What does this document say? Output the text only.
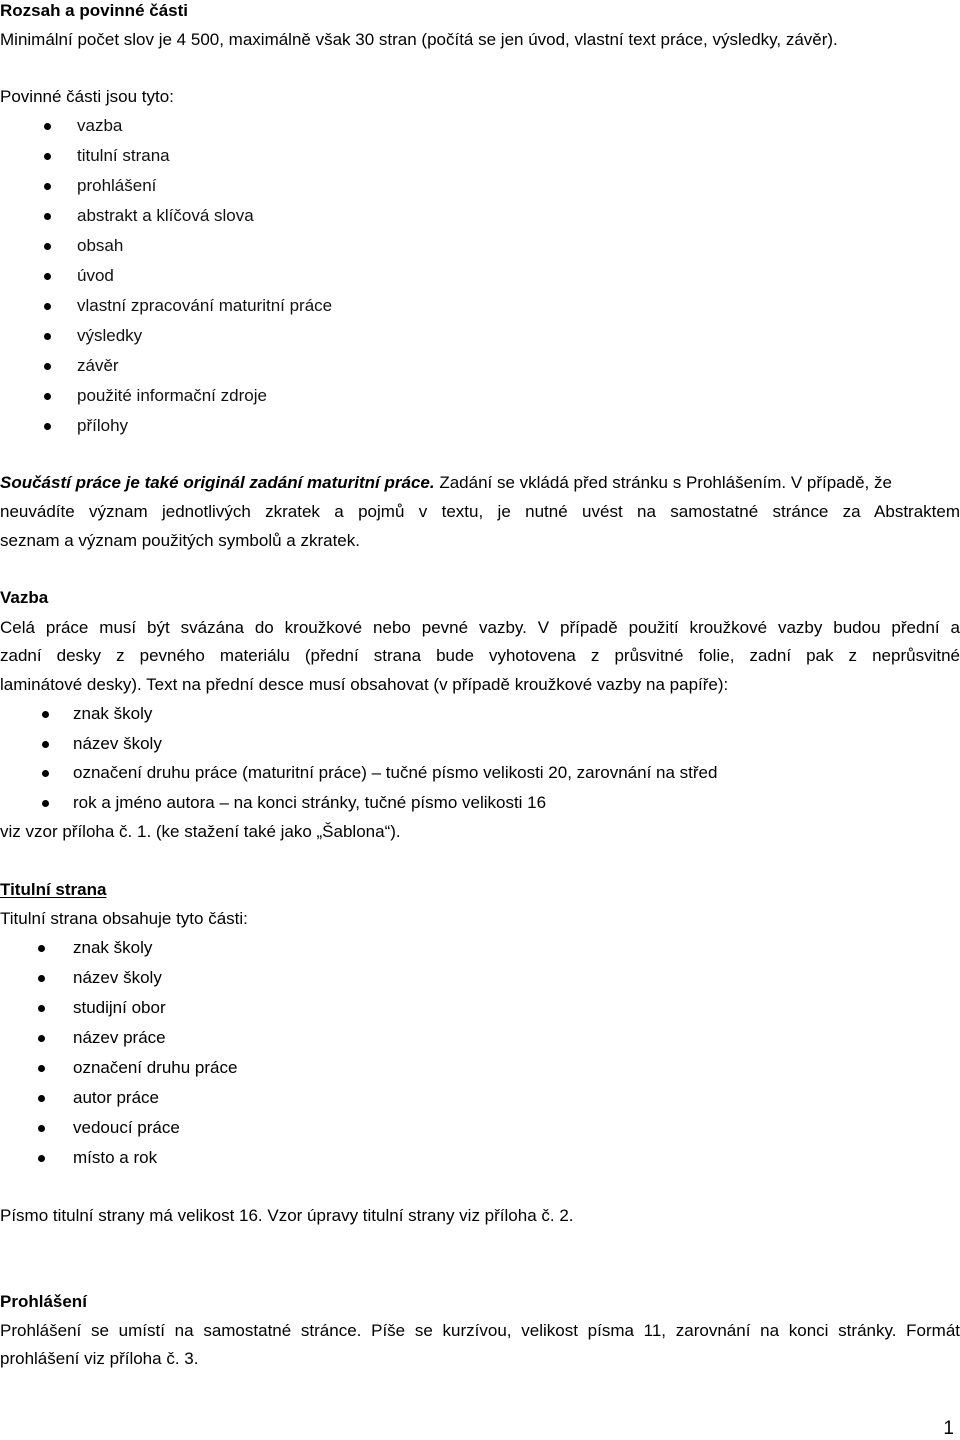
Rozsah a povinné části

Minimální počet slov je 4 500, maximálně však 30 stran (počítá se jen úvod, vlastní text práce, výsledky, závěr).

Povinné části jsou tyto:

vazba
titulní strana
prohlášení
abstrakt a klíčová slova
obsah
úvod
vlastní zpracování maturitní práce
výsledky
závěr
použité informační zdroje
přílohy

Součástí práce je také originál zadání maturitní práce. Zadání se vkládá před stránku s Prohlášením. V případě, že

neuvádíte význam jednotlivých zkratek a pojmů v textu, je nutné uvést na samostatné stránce za Abstraktem

seznam a význam použitých symbolů a zkratek.

Vazba

Celá práce musí být svázána do kroužkové nebo pevné vazby. V případě použití kroužkové vazby budou přední a

zadní desky z pevného materiálu (přední strana bude vyhotovena z průsvitné folie, zadní pak z neprůsvitné

laminátové desky). Text na přední desce musí obsahovat (v případě kroužkové vazby na papíře):

znak školy
název školy
označení druhu práce (maturitní práce) – tučné písmo velikosti 20, zarovnání na střed
rok a jméno autora – na konci stránky, tučné písmo velikosti 16

viz vzor příloha č. 1. (ke stažení také jako „Šablona“).

Titulní strana

Titulní strana obsahuje tyto části:

znak školy
název školy
studijní obor
název práce
označení druhu práce
autor práce
vedoucí práce
místo a rok

Písmo titulní strany má velikost 16. Vzor úpravy titulní strany viz příloha č. 2.

Prohlášení

Prohlášení se umístí na samostatné stránce. Píše se kurzívou, velikost písma 11, zarovnání na konci stránky. Formát

prohlášení viz příloha č. 3.

1
